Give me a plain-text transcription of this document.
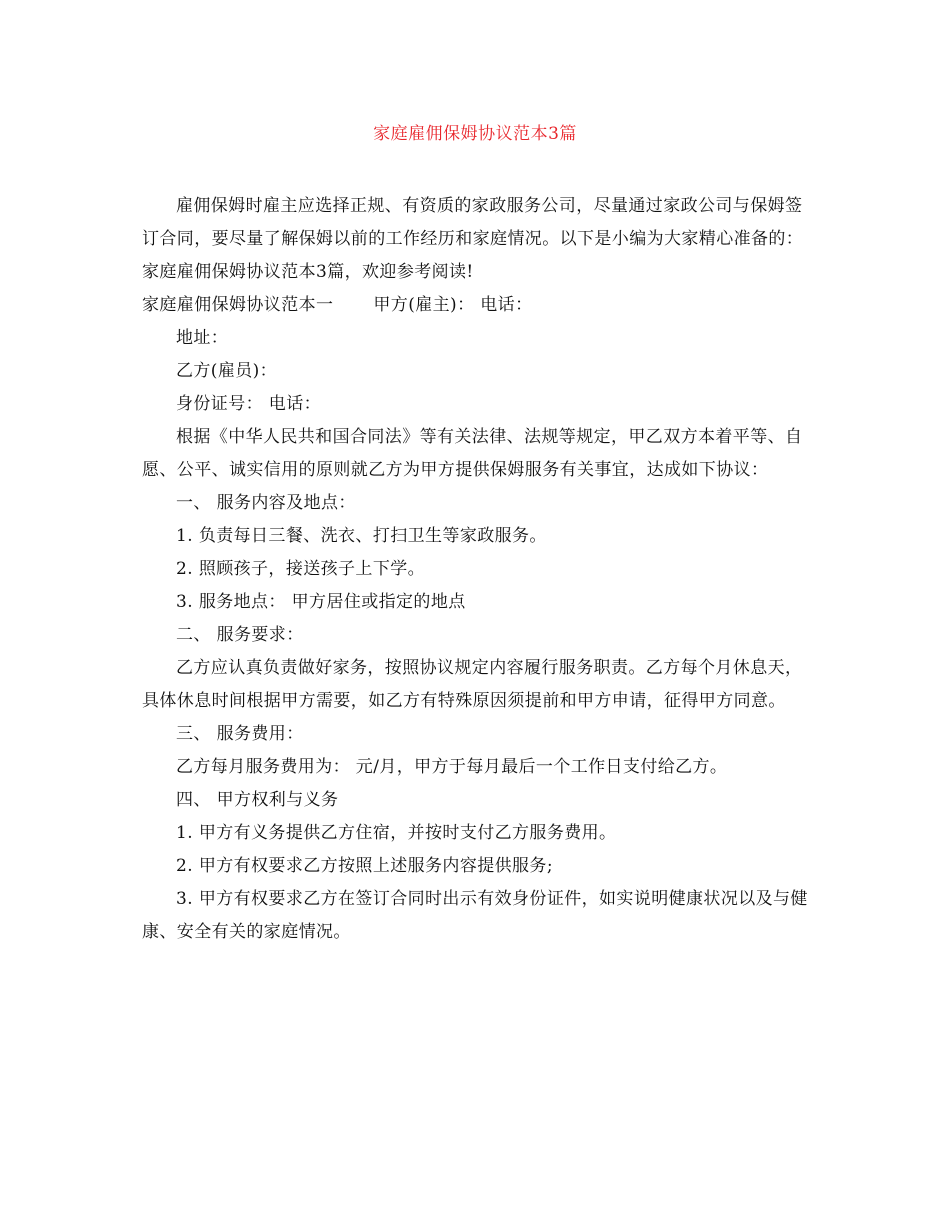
家庭雇佣保姆协议范本3篇

雇佣保姆时雇主应选择正规、有资质的家政服务公司，尽量通过家政公司与保姆签订合同，要尽量了解保姆以前的工作经历和家庭情况。以下是小编为大家精心准备的：家庭雇佣保姆协议范本3篇，欢迎参考阅读!

家庭雇佣保姆协议范本一 甲方(雇主)： 电话：

地址：

乙方(雇员)：

身份证号： 电话：

根据《中华人民共和国合同法》等有关法律、法规等规定，甲乙双方本着平等、自愿、公平、诚实信用的原则就乙方为甲方提供保姆服务有关事宜，达成如下协议：

一、 服务内容及地点：

1. 负责每日三餐、洗衣、打扫卫生等家政服务。

2. 照顾孩子，接送孩子上下学。

3. 服务地点： 甲方居住或指定的地点

二、 服务要求：

乙方应认真负责做好家务，按照协议规定内容履行服务职责。乙方每个月休息天，具体休息时间根据甲方需要，如乙方有特殊原因须提前和甲方申请，征得甲方同意。

三、 服务费用：

乙方每月服务费用为： 元/月，甲方于每月最后一个工作日支付给乙方。

四、 甲方权利与义务

1. 甲方有义务提供乙方住宿，并按时支付乙方服务费用。

2. 甲方有权要求乙方按照上述服务内容提供服务;

3. 甲方有权要求乙方在签订合同时出示有效身份证件，如实说明健康状况以及与健康、安全有关的家庭情况。
